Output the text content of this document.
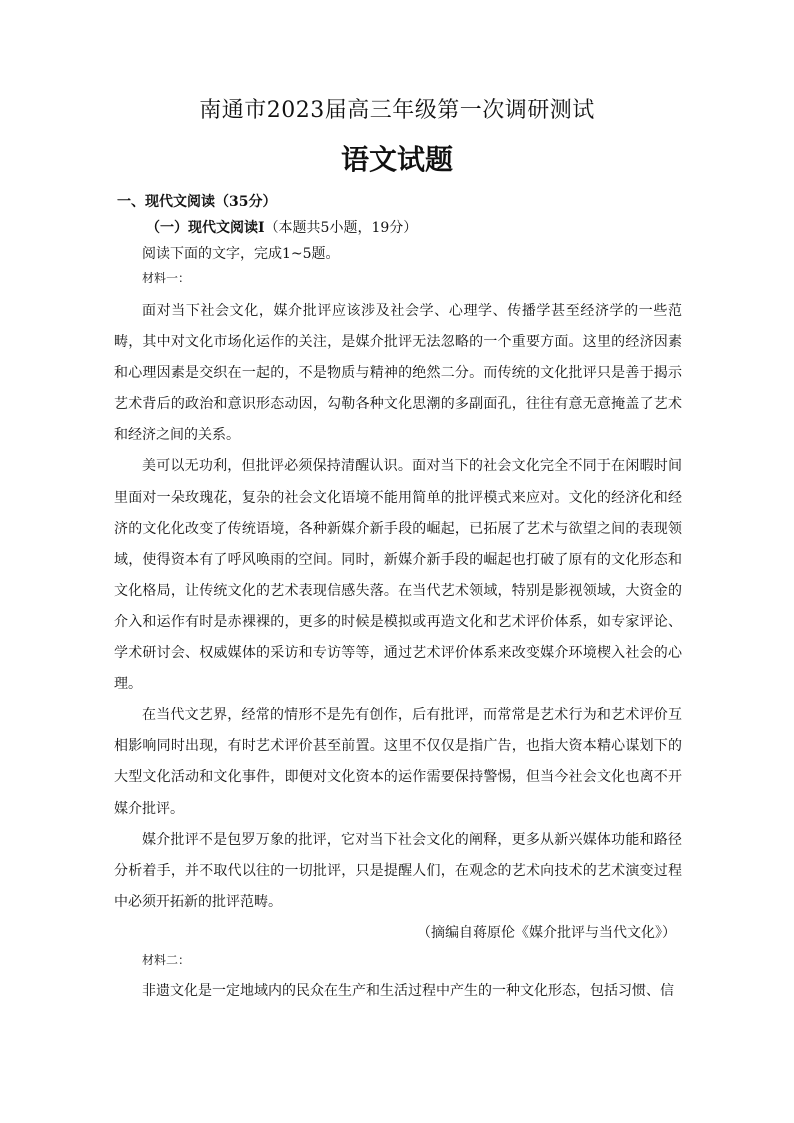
南通市2023届高三年级第一次调研测试
语文试题
一、现代文阅读（35分）
（一）现代文阅读Ⅰ（本题共5小题，19分）
阅读下面的文字，完成1~5题。
材料一：

面对当下社会文化，媒介批评应该涉及社会学、心理学、传播学甚至经济学的一些范畴，其中对文化市场化运作的关注，是媒介批评无法忽略的一个重要方面。这里的经济因素和心理因素是交织在一起的，不是物质与精神的绝然二分。而传统的文化批评只是善于揭示艺术背后的政治和意识形态动因，勾勒各种文化思潮的多副面孔，往往有意无意掩盖了艺术和经济之间的关系。

美可以无功利，但批评必须保持清醒认识。面对当下的社会文化完全不同于在闲暇时间里面对一朵玫瑰花，复杂的社会文化语境不能用简单的批评模式来应对。文化的经济化和经济的文化化改变了传统语境，各种新媒介新手段的崛起，已拓展了艺术与欲望之间的表现领域，使得资本有了呼风唤雨的空间。同时，新媒介新手段的崛起也打破了原有的文化形态和文化格局，让传统文化的艺术表现信感失落。在当代艺术领域，特别是影视领域，大资金的介入和运作有时是赤裸裸的，更多的时候是模拟或再造文化和艺术评价体系，如专家评论、学术研讨会、权威媒体的采访和专访等等，通过艺术评价体系来改变媒介环境楔入社会的心理。

在当代文艺界，经常的情形不是先有创作，后有批评，而常常是艺术行为和艺术评价互相影响同时出现，有时艺术评价甚至前置。这里不仅仅是指广告，也指大资本精心谋划下的大型文化活动和文化事件，即便对文化资本的运作需要保持警惕，但当今社会文化也离不开媒介批评。

媒介批评不是包罗万象的批评，它对当下社会文化的阐释，更多从新兴媒体功能和路径分析着手，并不取代以往的一切批评，只是提醒人们，在观念的艺术向技术的艺术演变过程中必须开拓新的批评范畴。

（摘编自蒋原伦《媒介批评与当代文化》）
材料二：
非遗文化是一定地域内的民众在生产和生活过程中产生的一种文化形态，包括习惯、信
